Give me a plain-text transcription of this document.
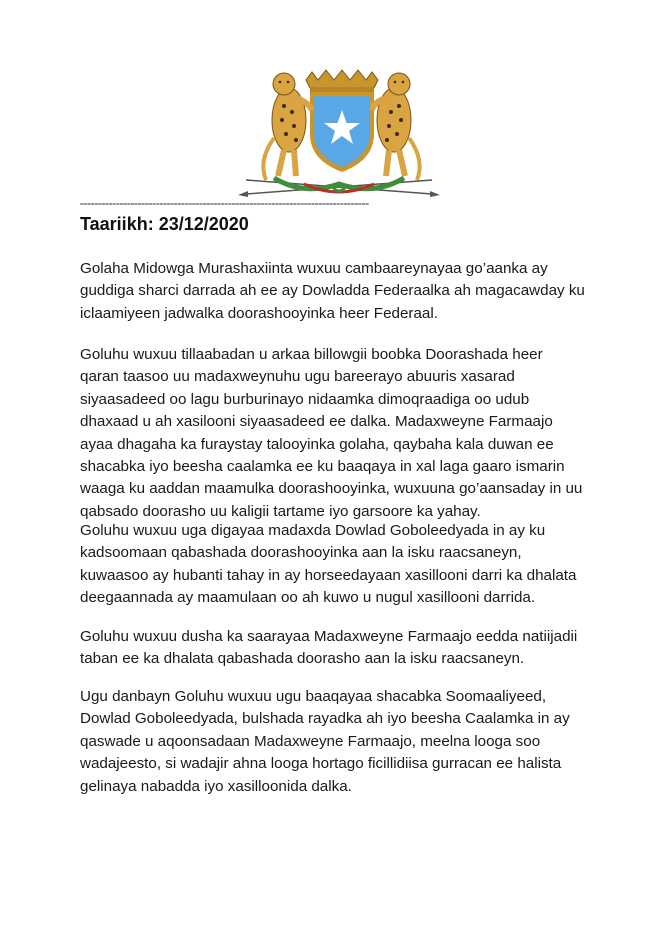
================================================================================
Taariikh: 23/12/2020

Golaha Midowga Murashaxiinta wuxuu cambaareynayaa go’aanka ay guddiga sharci darrada ah ee ay Dowladda Federaalka ah magacawday ku iclaamiyeen jadwalka doorashooyinka heer Federaal.

Goluhu wuxuu tillaabadan u arkaa billowgii boobka Doorashada heer qaran taasoo uu madaxweynuhu ugu bareerayo abuuris xasarad siyaasadeed oo lagu burburinayo nidaamka dimoqraadiga oo udub dhaxaad u ah xasilooni siyaasadeed ee dalka. Madaxweyne Farmaajo ayaa dhagaha ka furaystay talooyinka golaha, qaybaha kala duwan ee shacabka iyo beesha caalamka ee ku baaqaya in xal laga gaaro ismarin waaga ku aaddan maamulka doorashooyinka, wuxuuna go’aansaday in uu qabsado doorasho uu kaligii tartame iyo garsoore ka yahay.

Goluhu wuxuu uga digayaa madaxda Dowlad Goboleedyada in ay ku kadsoomaan qabashada doorashooyinka aan la isku raacsaneyn, kuwaasoo ay hubanti tahay in ay horseedayaan xasillooni darri ka dhalata deegaannada ay maamulaan oo ah kuwo u nugul xasillooni darrida.

Goluhu wuxuu dusha ka saarayaa Madaxweyne Farmaajo eedda natiijadii taban ee ka dhalata qabashada doorasho aan la isku raacsaneyn.

Ugu danbayn Goluhu wuxuu ugu baaqayaa shacabka Soomaaliyeed, Dowlad Goboleedyada, bulshada rayadka ah iyo beesha Caalamka in ay qaswade u aqoonsadaan Madaxweyne Farmaajo, meelna looga soo wadajeesto, si wadajir ahna looga hortago ficillidiisa gurracan ee halista gelinaya nabadda iyo xasilloonida dalka.
